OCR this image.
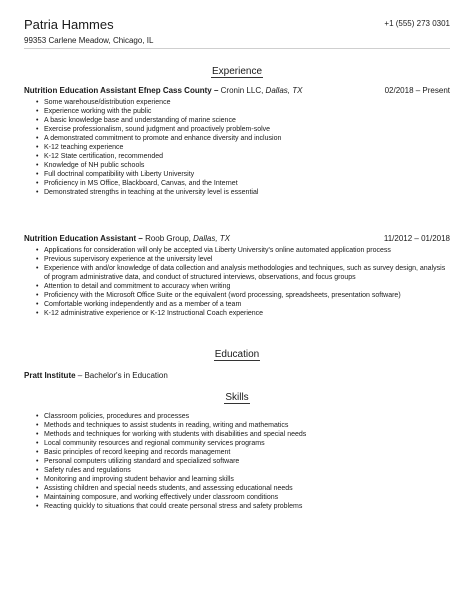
Patria Hammes
99353 Carlene Meadow, Chicago, IL
+1 (555) 273 0301
Experience
Nutrition Education Assistant Efnep Cass County – Cronin LLC, Dallas, TX	02/2018 – Present
• Some warehouse/distribution experience
• Experience working with the public
• A basic knowledge base and understanding of marine science
• Exercise professionalism, sound judgment and proactively problem-solve
• A demonstrated commitment to promote and enhance diversity and inclusion
• K-12 teaching experience
• K-12 State certification, recommended
• Knowledge of NH public schools
• Full doctrinal compatibility with Liberty University
• Proficiency in MS Office, Blackboard, Canvas, and the Internet
• Demonstrated strengths in teaching at the university level is essential
Nutrition Education Assistant – Roob Group, Dallas, TX	11/2012 – 01/2018
• Applications for consideration will only be accepted via Liberty University's online automated application process
• Previous supervisory experience at the university level
• Experience with and/or knowledge of data collection and analysis methodologies and techniques, such as survey design, analysis of program administrative data, and conduct of structured interviews, observations, and focus groups
• Attention to detail and commitment to accuracy when writing
• Proficiency with the Microsoft Office Suite or the equivalent (word processing, spreadsheets, presentation software)
• Comfortable working independently and as a member of a team
• K-12 administrative experience or K-12 Instructional Coach experience
Education
Pratt Institute – Bachelor's in Education
Skills
• Classroom policies, procedures and processes
• Methods and techniques to assist students in reading, writing and mathematics
• Methods and techniques for working with students with disabilities and special needs
• Local community resources and regional community services programs
• Basic principles of record keeping and records management
• Personal computers utilizing standard and specialized software
• Safety rules and regulations
• Monitoring and improving student behavior and learning skills
• Assisting children and special needs students, and assessing educational needs
• Maintaining composure, and working effectively under classroom conditions
• Reacting quickly to situations that could create personal stress and safety problems
